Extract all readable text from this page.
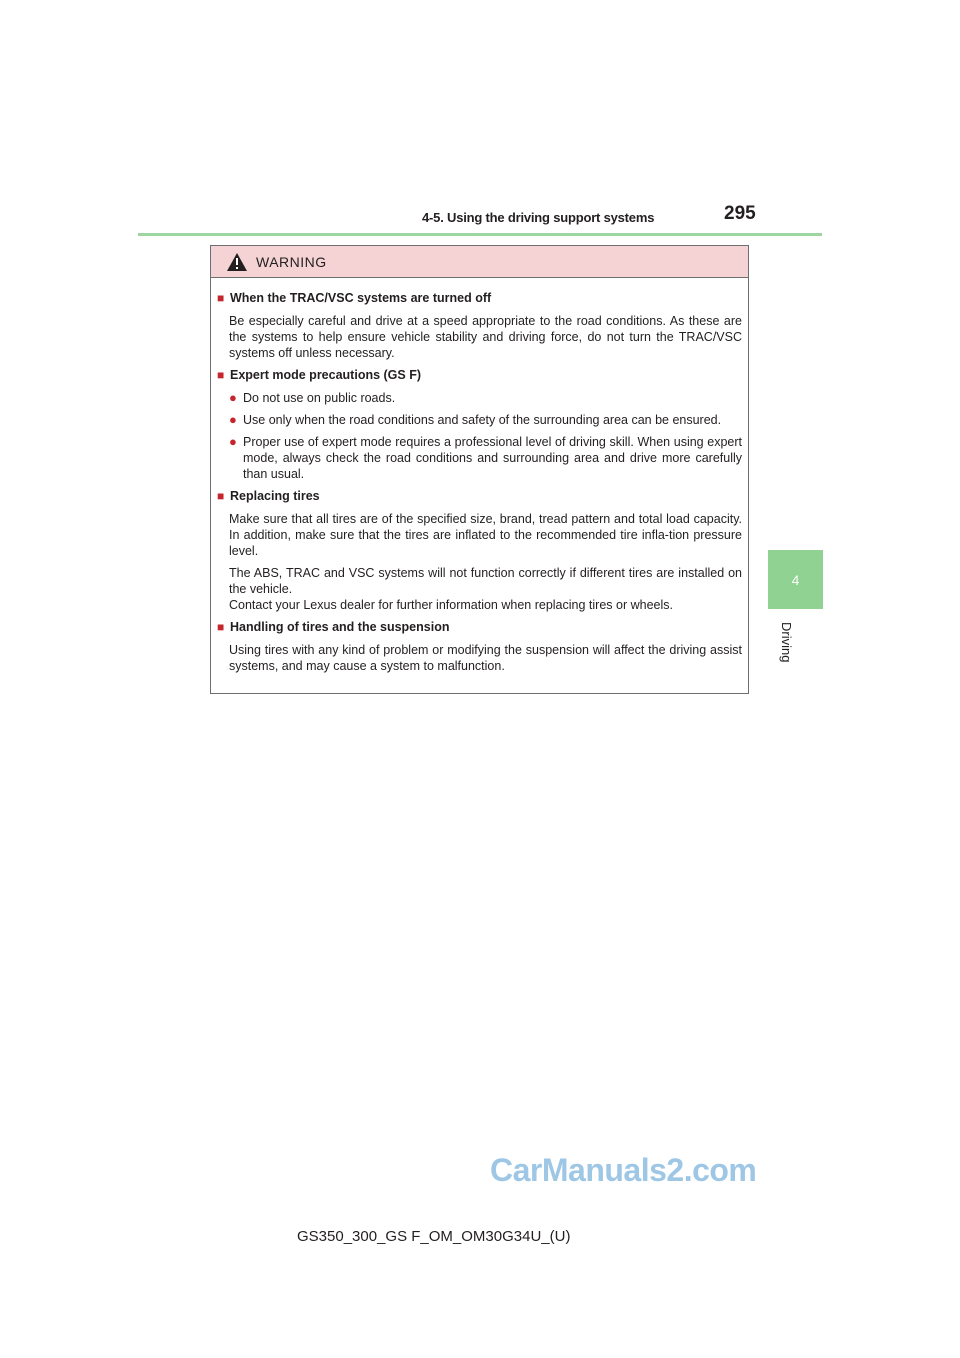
4-5. Using the driving support systems	295
4
Driving
WARNING
■ When the TRAC/VSC systems are turned off

Be especially careful and drive at a speed appropriate to the road conditions. As these are the systems to help ensure vehicle stability and driving force, do not turn the TRAC/VSC systems off unless necessary.

■ Expert mode precautions (GS F)
● Do not use on public roads.
● Use only when the road conditions and safety of the surrounding area can be ensured.
● Proper use of expert mode requires a professional level of driving skill. When using expert mode, always check the road conditions and surrounding area and drive more carefully than usual.
■ Replacing tires

Make sure that all tires are of the specified size, brand, tread pattern and total load capacity. In addition, make sure that the tires are inflated to the recommended tire infla-tion pressure level.

The ABS, TRAC and VSC systems will not function correctly if different tires are installed on the vehicle.

Contact your Lexus dealer for further information when replacing tires or wheels.

■ Handling of tires and the suspension

Using tires with any kind of problem or modifying the suspension will affect the driving assist systems, and may cause a system to malfunction.

CarManuals2.com
GS350_300_GS F_OM_OM30G34U_(U)
